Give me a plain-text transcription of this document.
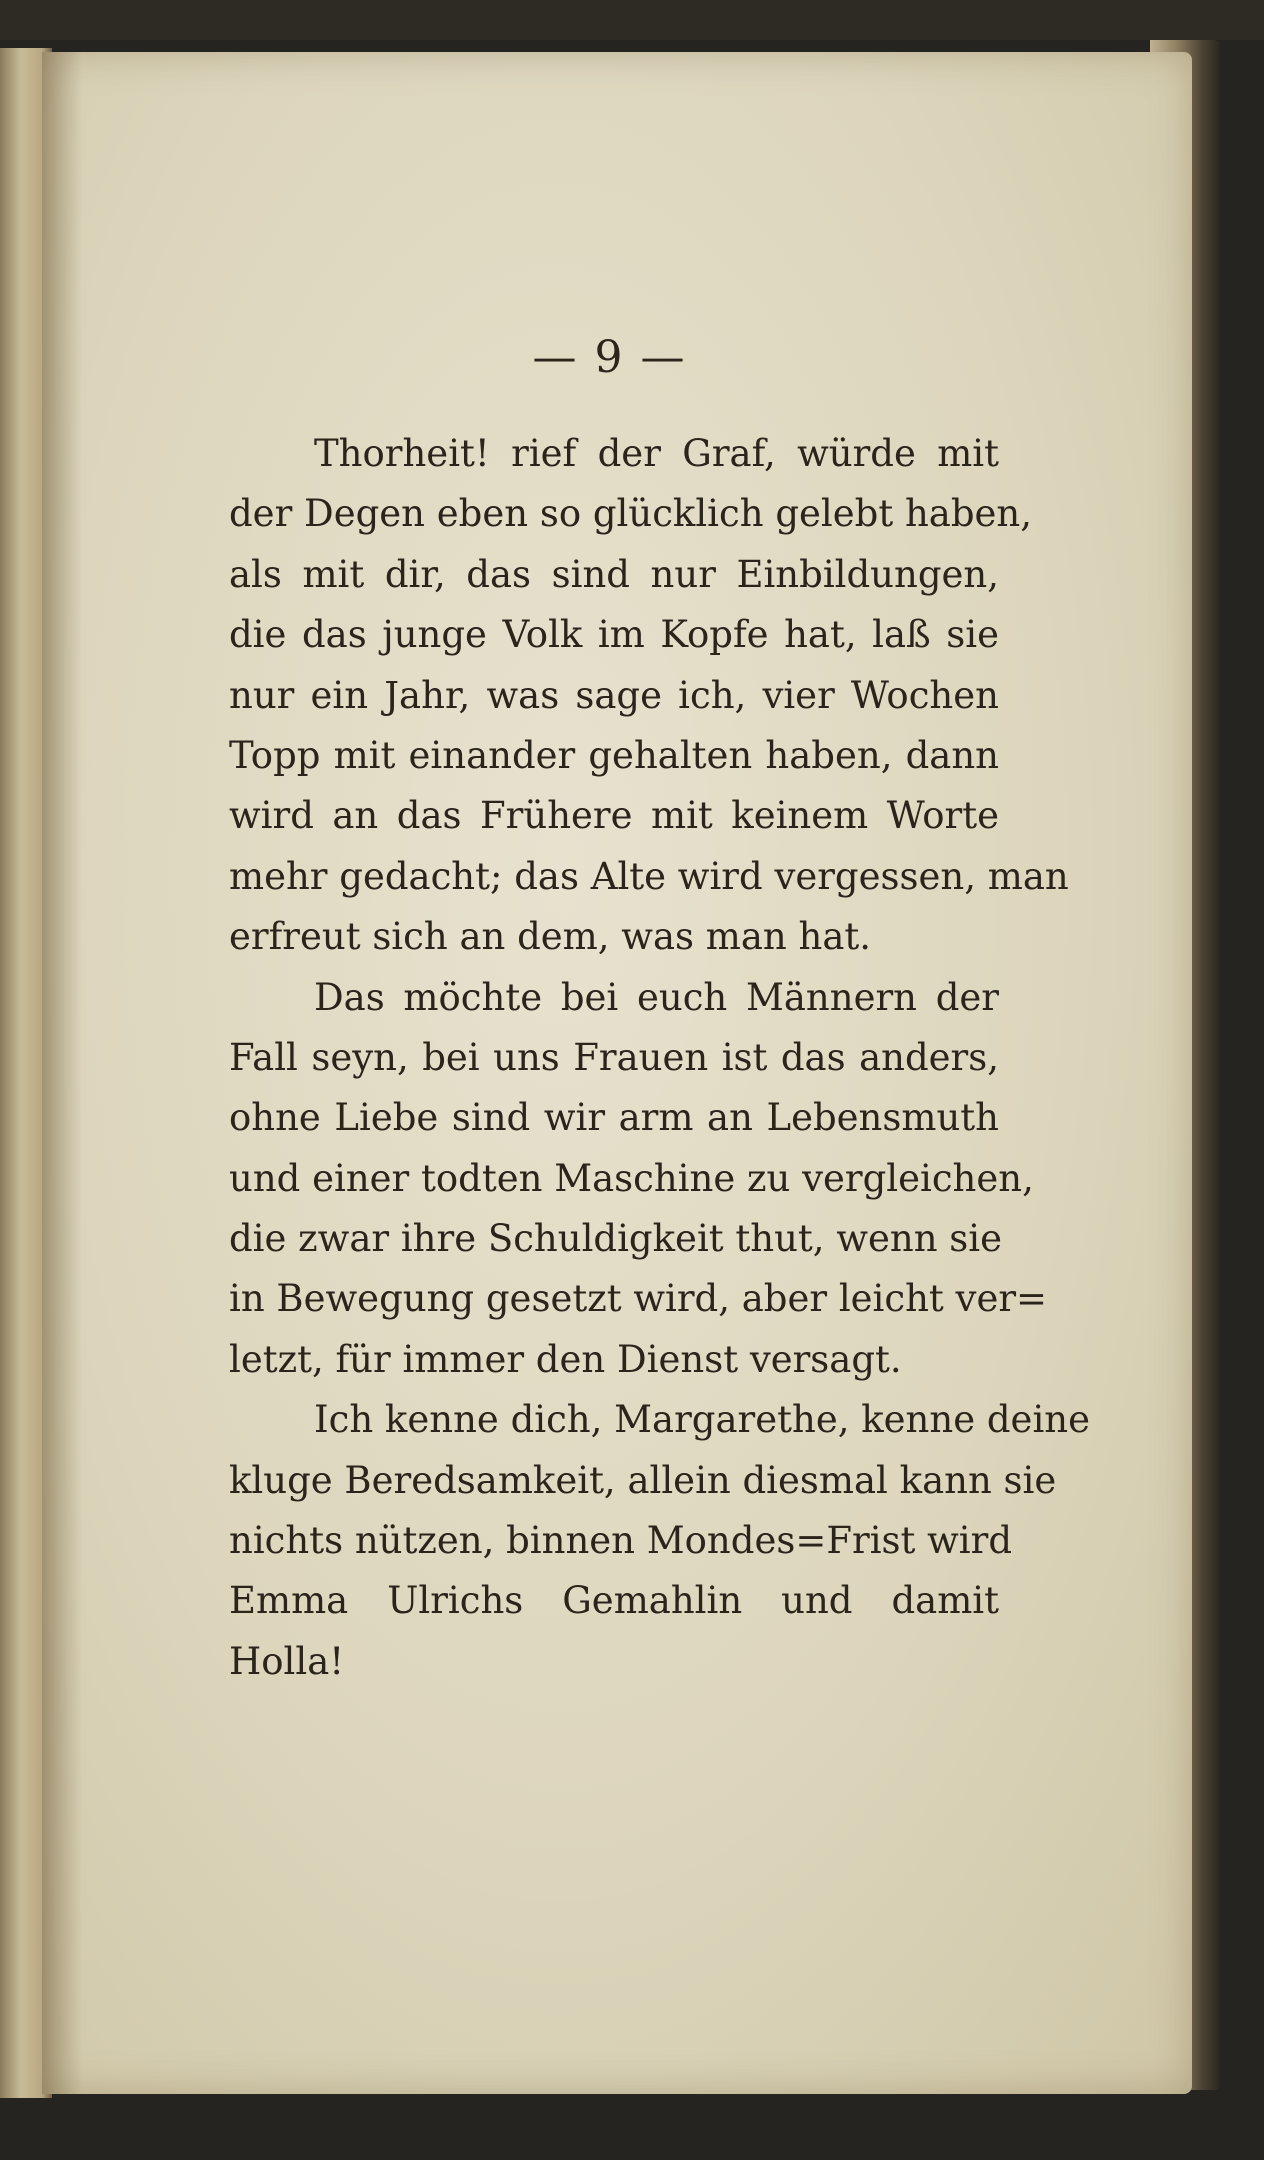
— 9 —
Thorheit! rief der Graf, würde mit
der Degen eben so glücklich gelebt haben,
als mit dir, das sind nur Einbildungen,
die das junge Volk im Kopfe hat, laß sie
nur ein Jahr, was sage ich, vier Wochen
Topp mit einander gehalten haben, dann
wird an das Frühere mit keinem Worte
mehr gedacht; das Alte wird vergessen, man
erfreut sich an dem, was man hat.
Das möchte bei euch Männern der
Fall seyn, bei uns Frauen ist das anders,
ohne Liebe sind wir arm an Lebensmuth
und einer todten Maschine zu vergleichen,
die zwar ihre Schuldigkeit thut, wenn sie
in Bewegung gesetzt wird, aber leicht ver=
letzt, für immer den Dienst versagt.
Ich kenne dich, Margarethe, kenne deine
kluge Beredsamkeit, allein diesmal kann sie
nichts nützen, binnen Mondes=Frist wird
Emma Ulrichs Gemahlin und damit
Holla!
